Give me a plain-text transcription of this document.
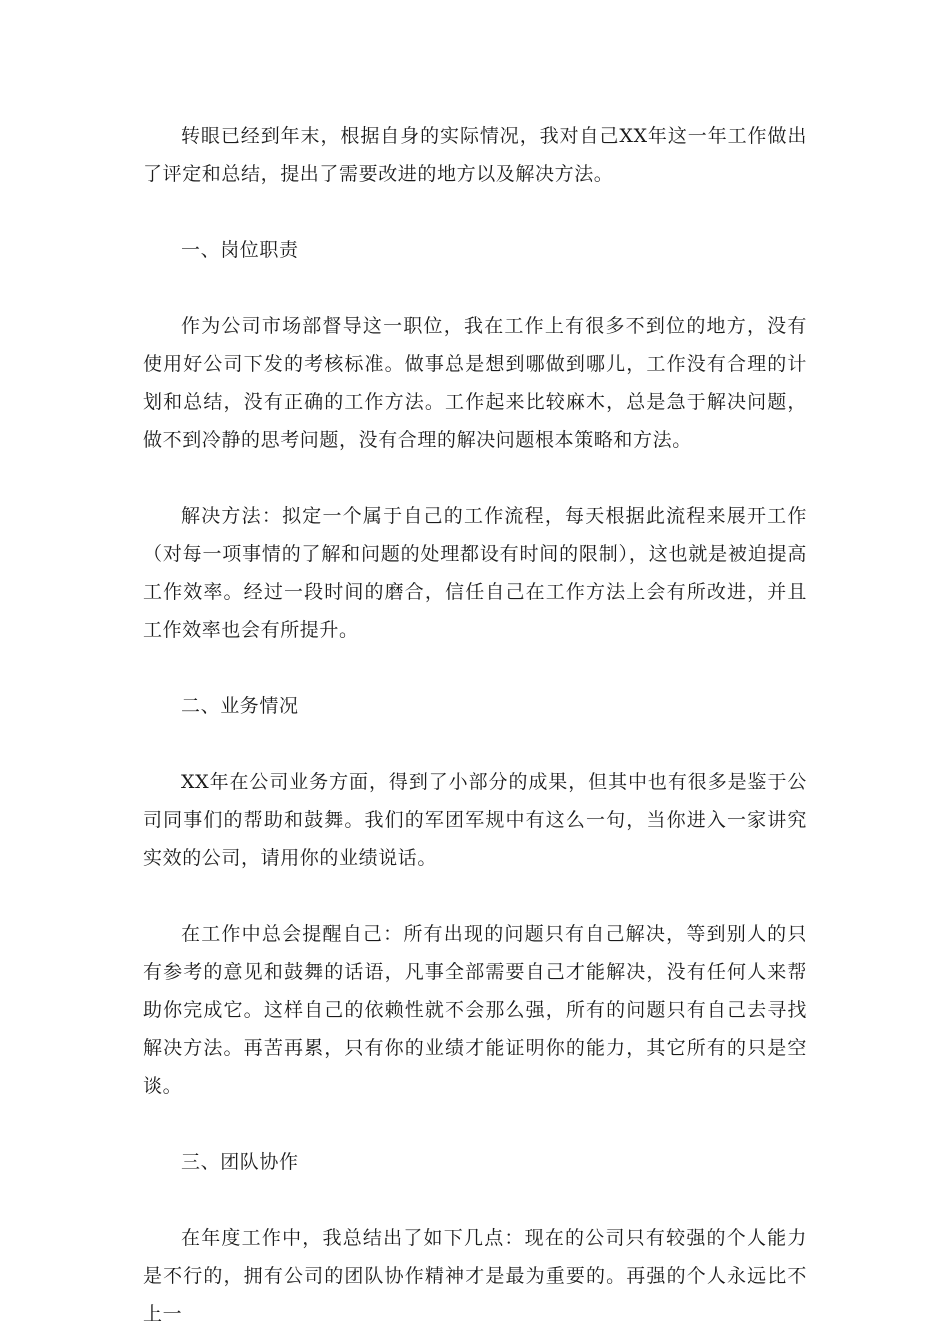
转眼已经到年末，根据自身的实际情况，我对自己XX年这一年工作做出了评定和总结，提出了需要改进的地方以及解决方法。

一、岗位职责

作为公司市场部督导这一职位，我在工作上有很多不到位的地方，没有使用好公司下发的考核标准。做事总是想到哪做到哪儿，工作没有合理的计划和总结，没有正确的工作方法。工作起来比较麻木，总是急于解决问题，做不到冷静的思考问题，没有合理的解决问题根本策略和方法。

解决方法：拟定一个属于自己的工作流程，每天根据此流程来展开工作（对每一项事情的了解和问题的处理都设有时间的限制），这也就是被迫提高工作效率。经过一段时间的磨合，信任自己在工作方法上会有所改进，并且工作效率也会有所提升。

二、业务情况

XX年在公司业务方面，得到了小部分的成果，但其中也有很多是鉴于公司同事们的帮助和鼓舞。我们的军团军规中有这么一句，当你进入一家讲究实效的公司，请用你的业绩说话。

在工作中总会提醒自己：所有出现的问题只有自己解决，等到别人的只有参考的意见和鼓舞的话语，凡事全部需要自己才能解决，没有任何人来帮助你完成它。这样自己的依赖性就不会那么强，所有的问题只有自己去寻找解决方法。再苦再累，只有你的业绩才能证明你的能力，其它所有的只是空谈。

三、团队协作

在年度工作中，我总结出了如下几点：现在的公司只有较强的个人能力是不行的，拥有公司的团队协作精神才是最为重要的。再强的个人永远比不上一
